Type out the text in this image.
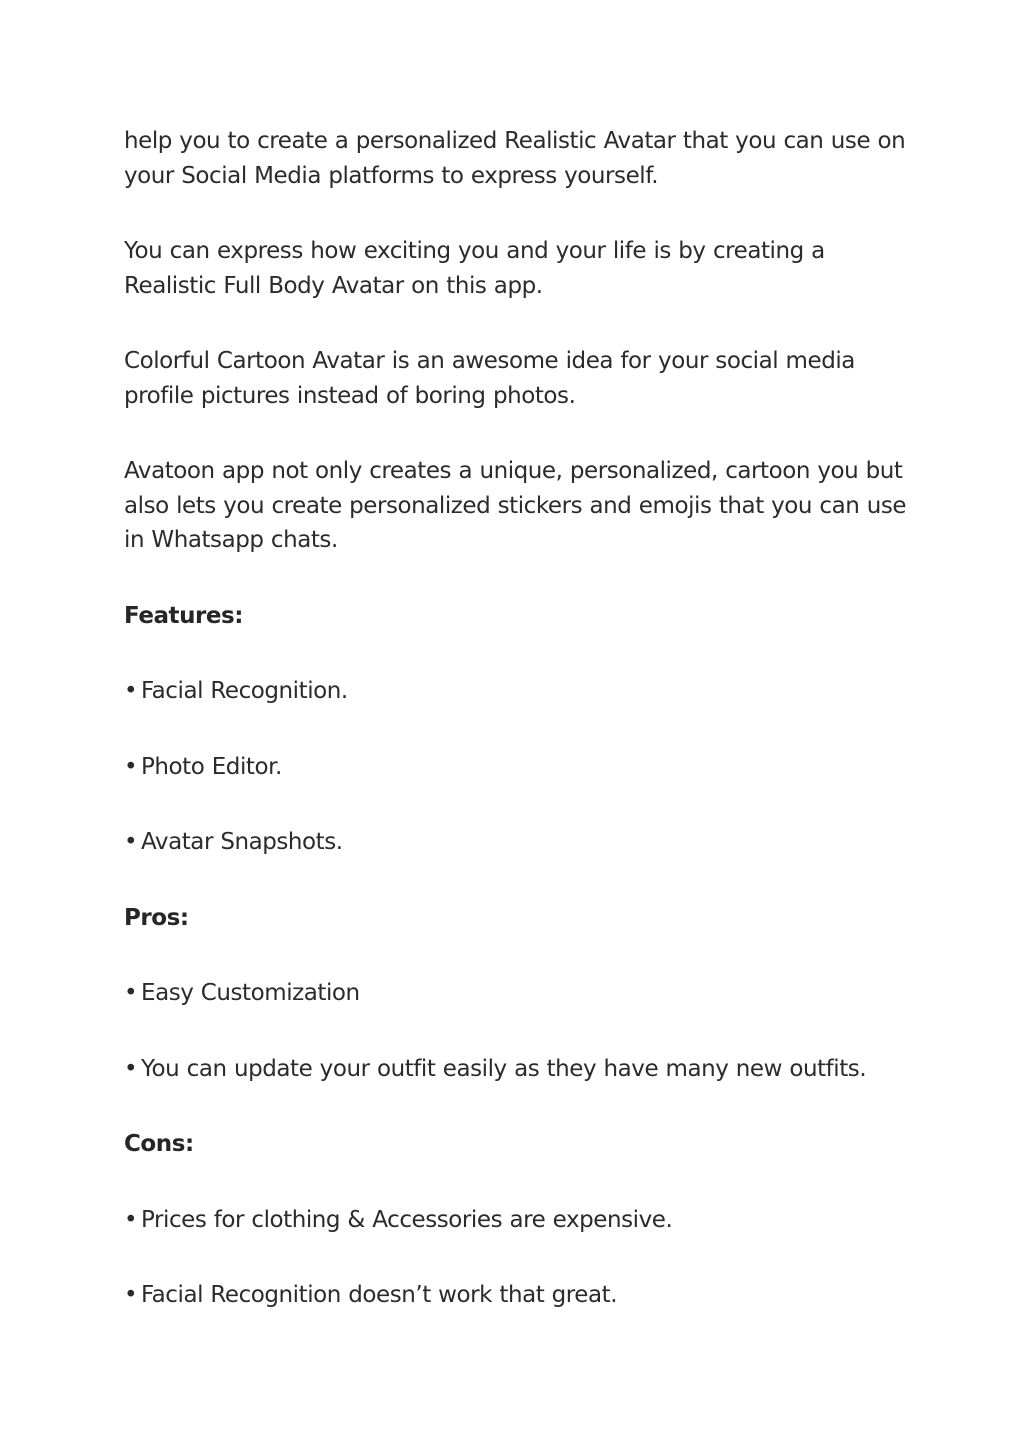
help you to create a personalized Realistic Avatar that you can use on your Social Media platforms to express yourself.

You can express how exciting you and your life is by creating a Realistic Full Body Avatar on this app.

Colorful Cartoon Avatar is an awesome idea for your social media profile pictures instead of boring photos.

Avatoon app not only creates a unique, personalized, cartoon you but also lets you create personalized stickers and emojis that you can use in Whatsapp chats.

Features:
• Facial Recognition.
• Photo Editor.
• Avatar Snapshots.
Pros:
• Easy Customization
• You can update your outfit easily as they have many new outfits.
Cons:
• Prices for clothing & Accessories are expensive.
• Facial Recognition doesn’t work that great.
